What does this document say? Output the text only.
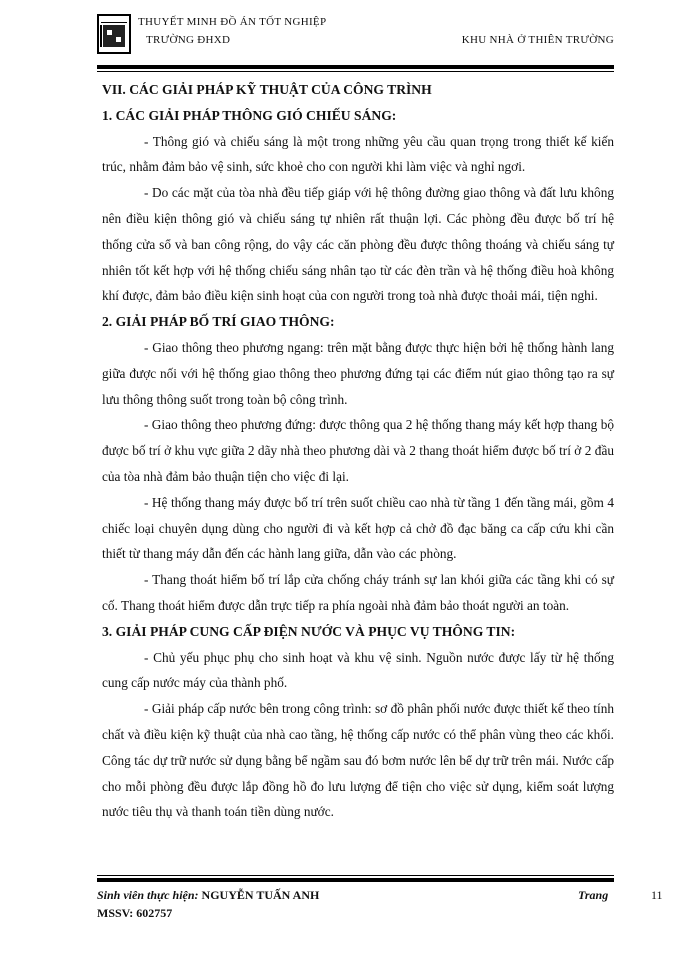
THUYẾT MINH ĐỒ ÁN TỐT NGHIỆP
TRƯỜNG ĐHXD	KHU NHÀ Ở THIÊN TRƯỜNG

VII. CÁC GIẢI PHÁP KỸ THUẬT CỦA CÔNG TRÌNH

1. CÁC GIẢI PHÁP THÔNG GIÓ CHIẾU SÁNG:

- Thông gió và chiếu sáng là một trong những yêu cầu quan trọng trong thiết kế kiến trúc, nhằm đảm bảo vệ sinh, sức khoẻ cho con người khi làm việc và nghỉ ngơi.

- Do các mặt của tòa nhà đều tiếp giáp với hệ thông đường giao thông và đất lưu không nên điều kiện thông gió và chiếu sáng tự nhiên rất thuận lợi. Các phòng đều được bố trí hệ thống cửa sổ và ban công rộng, do vậy các căn phòng đều được thông thoáng và chiếu sáng tự nhiên tốt kết hợp với hệ thống chiếu sáng nhân tạo từ các đèn trần và hệ thống điều hoà không khí được, đảm bảo điều kiện sinh hoạt của con người trong toà nhà được thoải mái, tiện nghi.

2. GIẢI PHÁP BỐ TRÍ GIAO THÔNG:

- Giao thông theo phương ngang: trên mặt bằng được thực hiện bởi hệ thống hành lang giữa được nối với hệ thống giao thông theo phương đứng tại các điểm nút giao thông tạo ra sự lưu thông thông suốt trong toàn bộ công trình.

- Giao thông theo phương đứng: được thông qua 2 hệ thống thang máy kết hợp thang bộ được bố trí ở khu vực giữa 2 dãy nhà theo phương dài và 2 thang thoát hiểm được bố trí ở 2 đầu của tòa nhà đảm bảo thuận tiện cho việc đi lại.

- Hệ thống thang máy được bố trí trên suốt chiều cao nhà từ tầng 1 đến tầng mái, gồm 4 chiếc loại chuyên dụng dùng cho người đi và kết hợp cả chở đồ đạc băng ca cấp cứu khi cần thiết từ thang máy dẫn đến các hành lang giữa, dẫn vào các phòng.

- Thang thoát hiểm bố trí lắp cửa chống cháy tránh sự lan khói giữa các tầng khi có sự cố. Thang thoát hiểm được dẫn trực tiếp ra phía ngoài nhà đảm bảo thoát người an toàn.

3. GIẢI PHÁP CUNG CẤP ĐIỆN NƯỚC VÀ PHỤC VỤ THÔNG TIN:

- Chủ yếu phục phụ cho sinh hoạt và khu vệ sinh. Nguồn nước được lấy từ hệ thống cung cấp nước máy của thành phố.

- Giải pháp cấp nước bên trong công trình: sơ đồ phân phối nước được thiết kế theo tính chất và điều kiện kỹ thuật của nhà cao tầng, hệ thống cấp nước có thể phân vùng theo các khối. Công tác dự trữ nước sử dụng bằng bể ngầm sau đó bơm nước lên bể dự trữ trên mái. Nước cấp cho mỗi phòng đều được lắp đồng hồ đo lưu lượng để tiện cho việc sử dụng, kiểm soát lượng nước tiêu thụ và thanh toán tiền dùng nước.

Sinh viên thực hiện: NGUYỄN TUẤN ANH
MSSV: 602757
Trang	11
